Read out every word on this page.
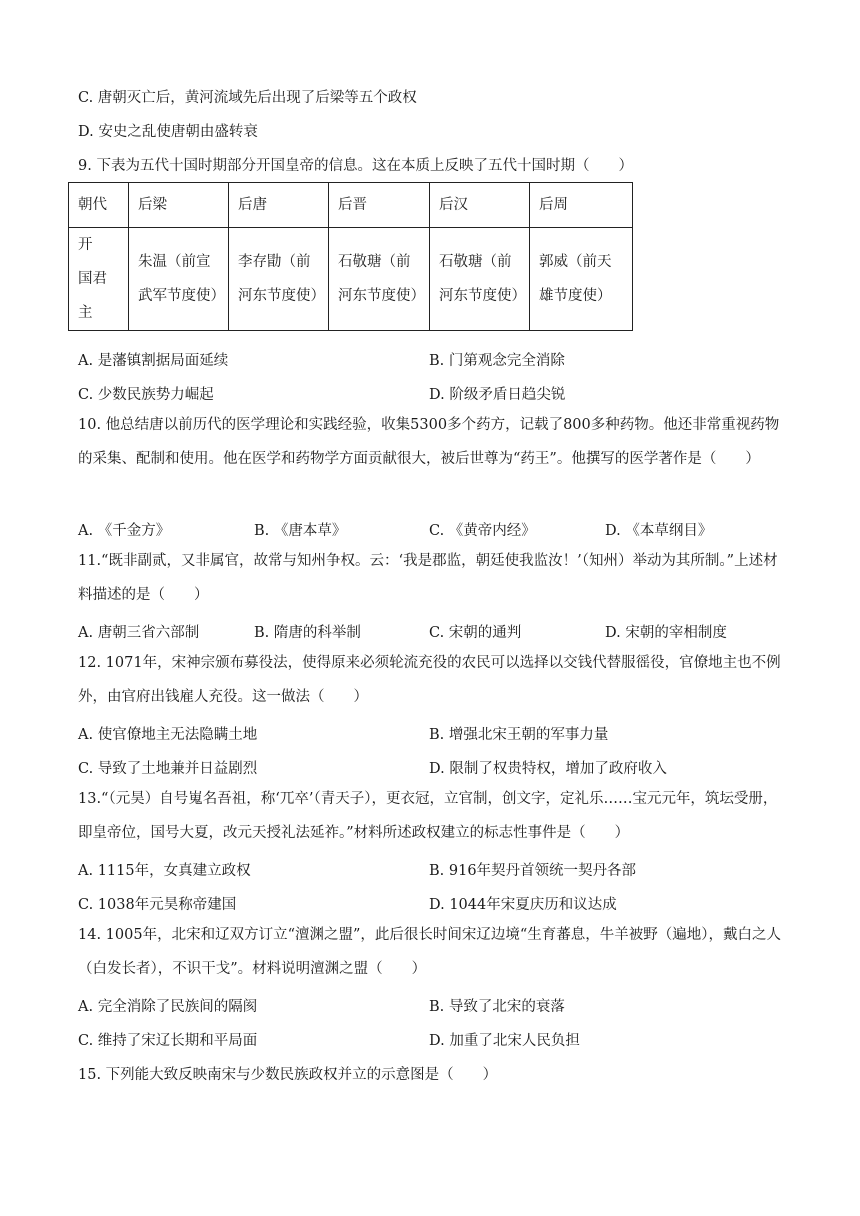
C. 唐朝灭亡后，黄河流域先后出现了后梁等五个政权
D. 安史之乱使唐朝由盛转衰
9. 下表为五代十国时期部分开国皇帝的信息。这在本质上反映了五代十国时期（　　）
朝代	后梁	后唐	后晋	后汉	后周
开　国君主	朱温（前宣武军节度使）	李存勖（前河东节度使）	石敬瑭（前河东节度使）	石敬瑭（前河东节度使）	郭威（前天雄节度使）
A. 是藩镇割据局面延续	B. 门第观念完全消除
C. 少数民族势力崛起	D. 阶级矛盾日趋尖锐
10. 他总结唐以前历代的医学理论和实践经验，收集5300多个药方，记载了800多种药物。他还非常重视药物的采集、配制和使用。他在医学和药物学方面贡献很大，被后世尊为“药王”。他撰写的医学著作是（　　）
A. 《千金方》	B. 《唐本草》	C. 《黄帝内经》	D. 《本草纲目》
11.“既非副贰，又非属官，故常与知州争权。云：‘我是郡监，朝廷使我监汝！’（知州）举动为其所制。”上述材料描述的是（　　）
A. 唐朝三省六部制	B. 隋唐的科举制	C. 宋朝的通判	D. 宋朝的宰相制度
12. 1071年，宋神宗颁布募役法，使得原来必须轮流充役的农民可以选择以交钱代替服徭役，官僚地主也不例外，由官府出钱雇人充役。这一做法（　　）
A. 使官僚地主无法隐瞒土地	B. 增强北宋王朝的军事力量
C. 导致了土地兼并日益剧烈	D. 限制了权贵特权，增加了政府收入
13.“（元昊）自号嵬名吾祖，称‘兀卒’（青天子），更衣冠，立官制，创文字，定礼乐……宝元元年，筑坛受册，即皇帝位，国号大夏，改元天授礼法延祚。”材料所述政权建立的标志性事件是（　　）
A. 1115年，女真建立政权	B. 916年契丹首领统一契丹各部
C. 1038年元昊称帝建国	D. 1044年宋夏庆历和议达成
14. 1005年，北宋和辽双方订立“澶渊之盟”，此后很长时间宋辽边境“生育蕃息，牛羊被野（遍地），戴白之人（白发长者），不识干戈”。材料说明澶渊之盟（　　）
A. 完全消除了民族间的隔阂	B. 导致了北宋的衰落
C. 维持了宋辽长期和平局面	D. 加重了北宋人民负担
15. 下列能大致反映南宋与少数民族政权并立的示意图是（　　）
